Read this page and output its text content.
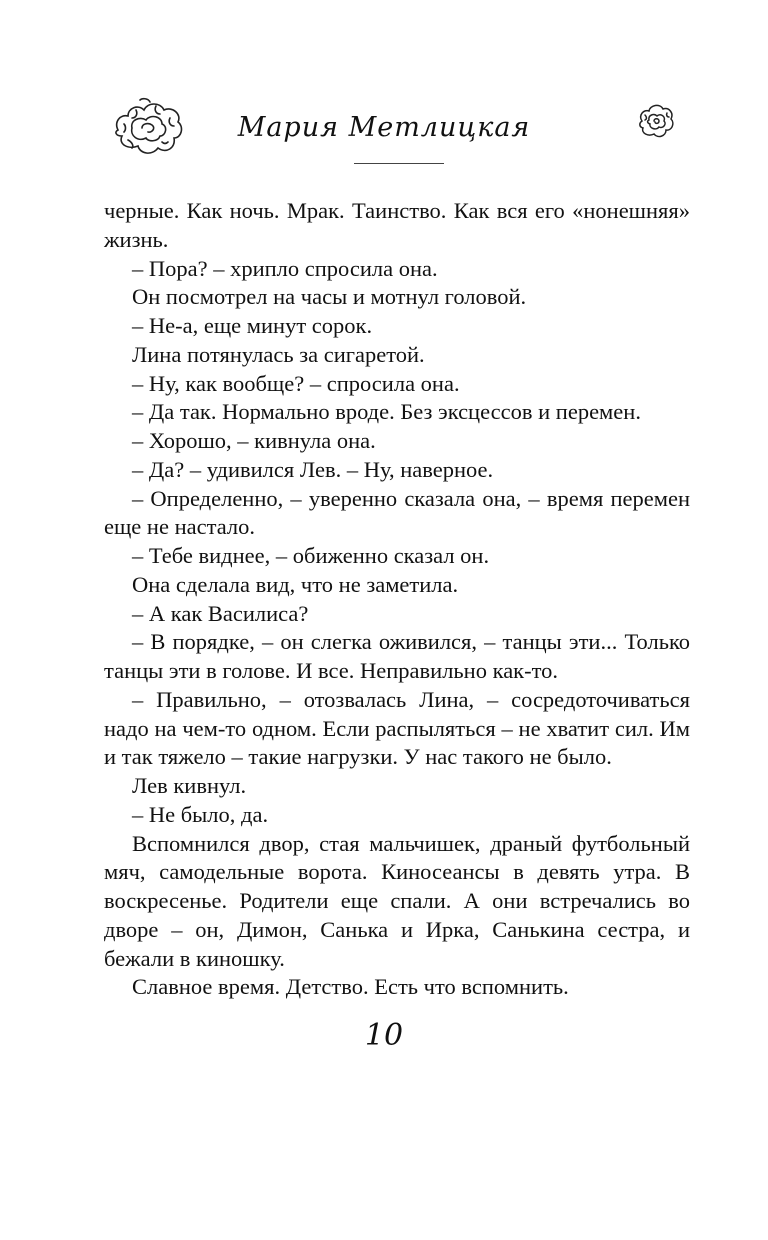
Мария Метлицкая

черные. Как ночь. Мрак. Таинство. Как вся его «нонешняя» жизнь.

– Пора? – хрипло спросила она.

Он посмотрел на часы и мотнул головой.

– Не-а, еще минут сорок.

Лина потянулась за сигаретой.

– Ну, как вообще? – спросила она.

– Да так. Нормально вроде. Без эксцессов и перемен.

– Хорошо, – кивнула она.

– Да? – удивился Лев. – Ну, наверное.

– Определенно, – уверенно сказала она, – время перемен еще не настало.

– Тебе виднее, – обиженно сказал он.

Она сделала вид, что не заметила.

– А как Василиса?

– В порядке, – он слегка оживился, – танцы эти... Только танцы эти в голове. И все. Неправильно как-то.

– Правильно, – отозвалась Лина, – сосредоточиваться надо на чем-то одном. Если распыляться – не хватит сил. Им и так тяжело – такие нагрузки. У нас такого не было.

Лев кивнул.

– Не было, да.

Вспомнился двор, стая мальчишек, драный футбольный мяч, самодельные ворота. Киносеансы в девять утра. В воскресенье. Родители еще спали. А они встречались во дворе – он, Димон, Санька и Ирка, Санькина сестра, и бежали в киношку.

Славное время. Детство. Есть что вспомнить.

10
